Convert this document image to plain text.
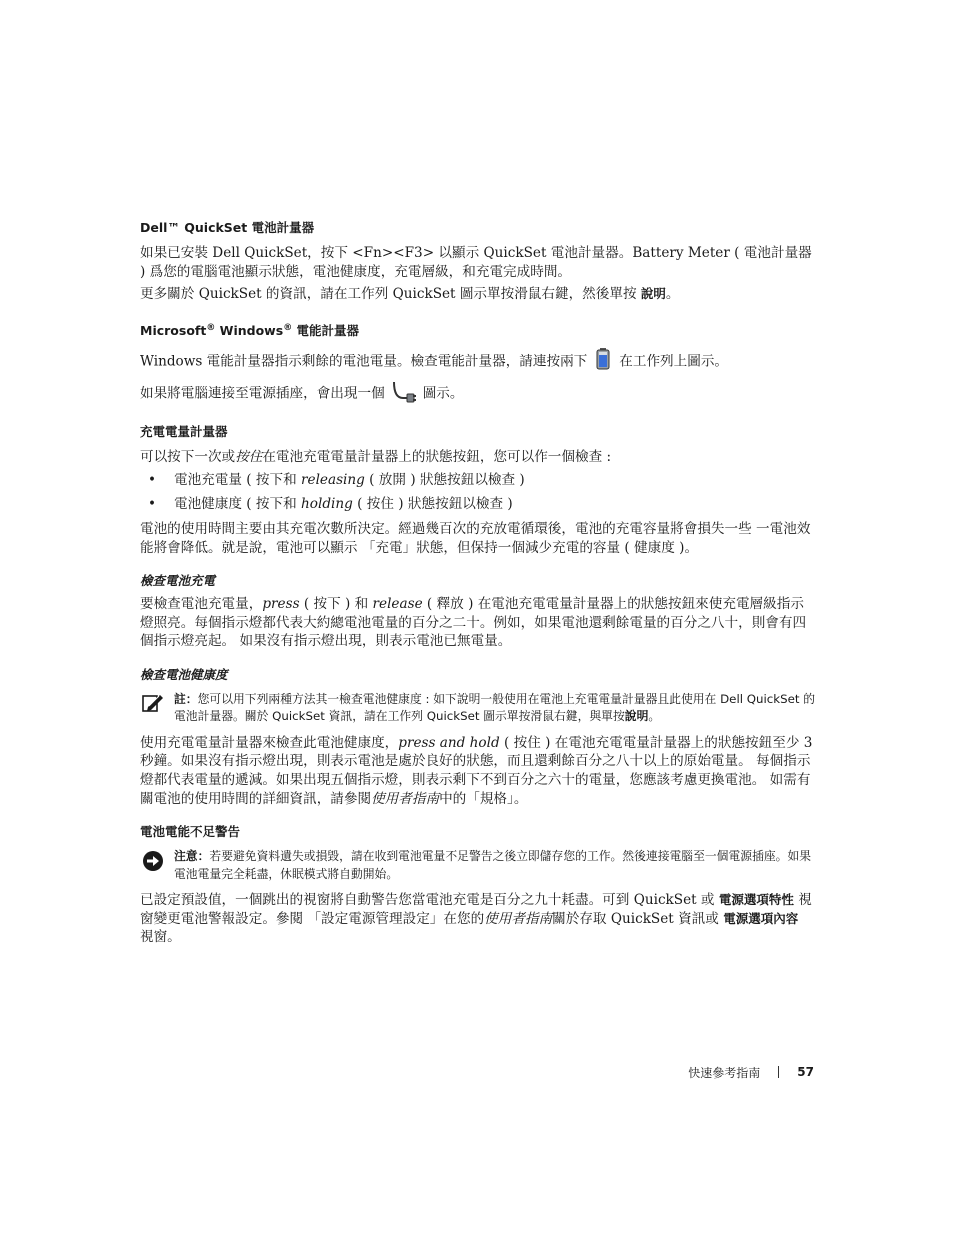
Dell™ QuickSet 電池計量器

如果已安裝 Dell QuickSet，按下 <Fn><F3> 以顯示 QuickSet 電池計量器。Battery Meter ( 電池計量器 ) 爲您的電腦電池顯示狀態，電池健康度，充電層級，和充電完成時間。

更多關於 QuickSet 的資訊，請在工作列 QuickSet 圖示單按滑鼠右鍵，然後單按 說明。

Microsoft® Windows® 電能計量器

Windows 電能計量器指示剩餘的電池電量。檢查電能計量器，請連按兩下 在工作列上圖示。

如果將電腦連接至電源插座，會出現一個	圖示。

充電電量計量器

可以按下一次或按住在電池充電電量計量器上的狀態按鈕，您可以作一個檢查 :

• 電池充電量 ( 按下和 releasing ( 放開 ) 狀態按鈕以檢查 )
• 電池健康度 ( 按下和 holding ( 按住 ) 狀態按鈕以檢查 )

電池的使用時間主要由其充電次數所決定。經過幾百次的充放電循環後，電池的充電容量將會損失一些 一電池效能將會降低。就是說，電池可以顯示 「充電」狀態，但保持一個減少充電的容量 ( 健康度 )。

檢查電池充電

要檢查電池充電量，press ( 按下 ) 和 release ( 釋放 ) 在電池充電電量計量器上的狀態按鈕來使充電層級指示燈照亮。每個指示燈都代表大約總電池電量的百分之二十。例如，如果電池還剩餘電量的百分之八十，則會有四個指示燈亮起。 如果沒有指示燈出現，則表示電池已無電量。

檢查電池健康度
註：您可以用下列兩種方法其一檢查電池健康度 : 如下說明一般使用在電池上充電電量計量器且此使用在 Dell QuickSet 的電池計量器。關於 QuickSet 資訊，請在工作列 QuickSet 圖示單按滑鼠右鍵，與單按說明。

使用充電電量計量器來檢查此電池健康度，press and hold ( 按住 ) 在電池充電電量計量器上的狀態按鈕至少 3 秒鐘。如果沒有指示燈出現，則表示電池是處於良好的狀態，而且還剩餘百分之八十以上的原始電量。 每個指示燈都代表電量的遞減。如果出現五個指示燈，則表示剩下不到百分之六十的電量，您應該考慮更換電池。 如需有關電池的使用時間的詳細資訊，請參閱使用者指南中的「規格」。

電池電能不足警告
注意：若要避免資料遺失或損毀，請在收到電池電量不足警告之後立即儲存您的工作。然後連接電腦至一個電源插座。如果電池電量完全耗盡，休眠模式將自動開始。

已設定預設值，一個跳出的視窗將自動警告您當電池充電是百分之九十耗盡。可到 QuickSet 或 電源選項特性 視窗變更電池警報設定。參閱 「設定電源管理設定」在您的使用者指南關於存取 QuickSet 資訊或 電源選項內容 視窗。

快速參考指南	57
